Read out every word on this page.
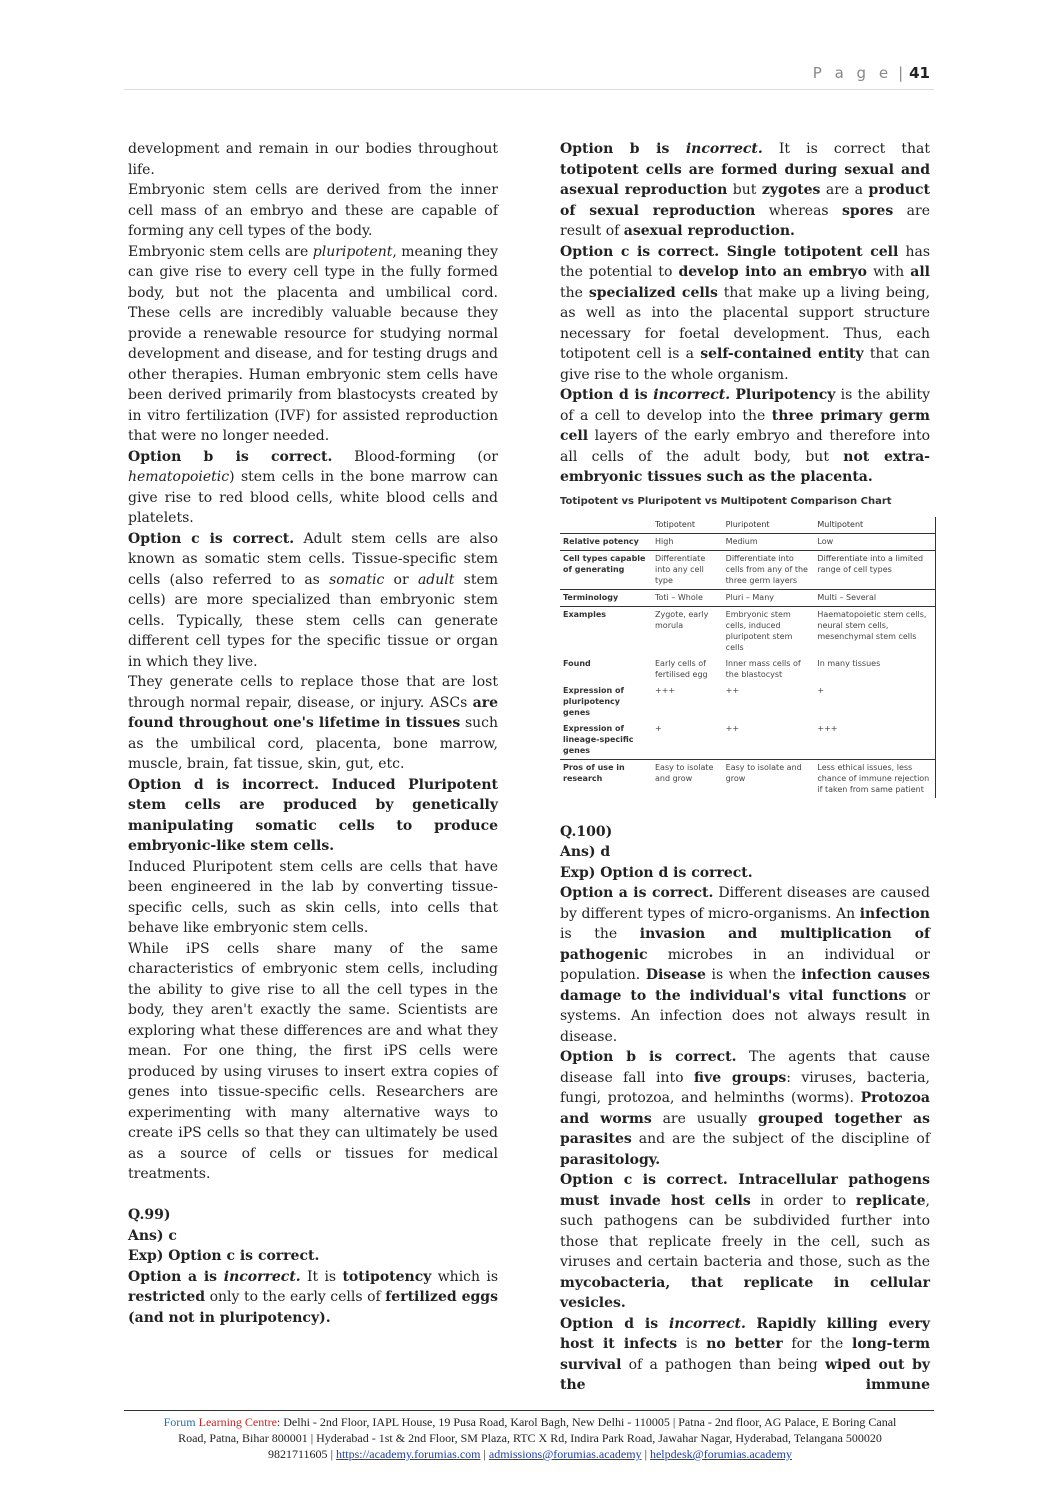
P a g e | 41

development and remain in our bodies throughout life.

Embryonic stem cells are derived from the inner cell mass of an embryo and these are capable of forming any cell types of the body.

Embryonic stem cells are pluripotent, meaning they can give rise to every cell type in the fully formed body, but not the placenta and umbilical cord. These cells are incredibly valuable because they provide a renewable resource for studying normal development and disease, and for testing drugs and other therapies. Human embryonic stem cells have been derived primarily from blastocysts created by in vitro fertilization (IVF) for assisted reproduction that were no longer needed.

Option b is correct. Blood-forming (or hematopoietic) stem cells in the bone marrow can give rise to red blood cells, white blood cells and platelets.

Option c is correct. Adult stem cells are also known as somatic stem cells. Tissue-specific stem cells (also referred to as somatic or adult stem cells) are more specialized than embryonic stem cells. Typically, these stem cells can generate different cell types for the specific tissue or organ in which they live.

They generate cells to replace those that are lost through normal repair, disease, or injury. ASCs are found throughout one's lifetime in tissues such as the umbilical cord, placenta, bone marrow, muscle, brain, fat tissue, skin, gut, etc.

Option d is incorrect. Induced Pluripotent stem cells are produced by genetically manipulating somatic cells to produce embryonic-like stem cells.

Induced Pluripotent stem cells are cells that have been engineered in the lab by converting tissue-specific cells, such as skin cells, into cells that behave like embryonic stem cells.

While iPS cells share many of the same characteristics of embryonic stem cells, including the ability to give rise to all the cell types in the body, they aren't exactly the same. Scientists are exploring what these differences are and what they mean. For one thing, the first iPS cells were produced by using viruses to insert extra copies of genes into tissue-specific cells. Researchers are experimenting with many alternative ways to create iPS cells so that they can ultimately be used as a source of cells or tissues for medical treatments.

Q.99)

Ans) c

Exp) Option c is correct.

Option a is incorrect. It is totipotency which is restricted only to the early cells of fertilized eggs (and not in pluripotency).

Option b is incorrect. It is correct that totipotent cells are formed during sexual and asexual reproduction but zygotes are a product of sexual reproduction whereas spores are result of asexual reproduction.

Option c is correct. Single totipotent cell has the potential to develop into an embryo with all the specialized cells that make up a living being, as well as into the placental support structure necessary for foetal development. Thus, each totipotent cell is a self-contained entity that can give rise to the whole organism.

Option d is incorrect. Pluripotency is the ability of a cell to develop into the three primary germ cell layers of the early embryo and therefore into all cells of the adult body, but not extra-embryonic tissues such as the placenta.

Totipotent vs Pluripotent vs Multipotent Comparison Chart
	Totipotent	Pluripotent	Multipotent
Relative potency	High	Medium	Low
Cell types capable of generating	Differentiate into any cell type	Differentiate into cells from any of the three germ layers	Differentiate into a limited range of cell types
Terminology	Toti – Whole	Pluri – Many	Multi – Several
Examples	Zygote, early morula	Embryonic stem cells, induced pluripotent stem cells	Haematopoietic stem cells, neural stem cells, mesenchymal stem cells
Found	Early cells of fertilised egg	Inner mass cells of the blastocyst	In many tissues
Expression of pluripotency genes	+++	++	+
Expression of lineage-specific genes	+	++	+++
Pros of use in research	Easy to isolate and grow	Easy to isolate and grow	Less ethical issues, less chance of immune rejection if taken from same patient

Q.100)

Ans) d

Exp) Option d is correct.

Option a is correct. Different diseases are caused by different types of micro-organisms. An infection is the invasion and multiplication of pathogenic microbes in an individual or population. Disease is when the infection causes damage to the individual's vital functions or systems. An infection does not always result in disease.

Option b is correct. The agents that cause disease fall into five groups: viruses, bacteria, fungi, protozoa, and helminths (worms). Protozoa and worms are usually grouped together as parasites and are the subject of the discipline of parasitology.

Option c is correct. Intracellular pathogens must invade host cells in order to replicate, such pathogens can be subdivided further into those that replicate freely in the cell, such as viruses and certain bacteria and those, such as the mycobacteria, that replicate in cellular vesicles.

Option d is incorrect. Rapidly killing every host it infects is no better for the long-term survival of a pathogen than being wiped out by the immune

Forum Learning Centre: Delhi - 2nd Floor, IAPL House, 19 Pusa Road, Karol Bagh, New Delhi - 110005 | Patna - 2nd floor, AG Palace, E Boring Canal
Road, Patna, Bihar 800001 | Hyderabad - 1st & 2nd Floor, SM Plaza, RTC X Rd, Indira Park Road, Jawahar Nagar, Hyderabad, Telangana 500020
9821711605 | https://academy.forumias.com | admissions@forumias.academy | helpdesk@forumias.academy
